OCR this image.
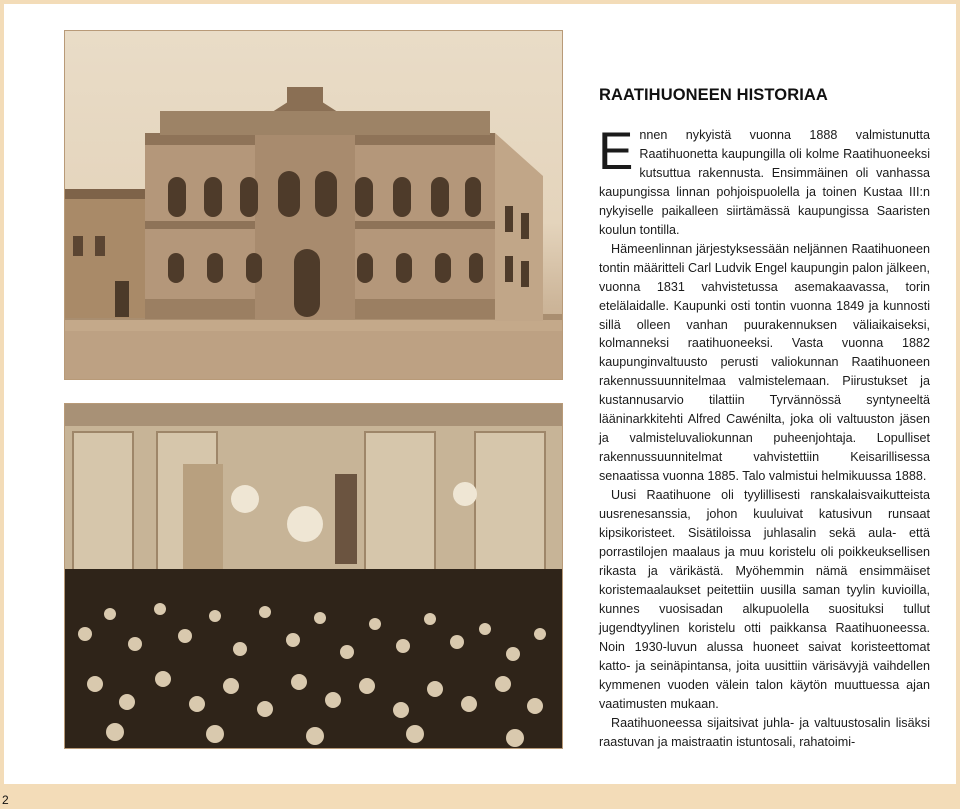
RAATIHUONEEN HISTORIAA

Ennen nykyistä vuonna 1888 valmistunutta Raatihuonetta kaupungilla oli kolme Raatihuoneeksi kutsuttua rakennusta. Ensimmäinen oli vanhassa kaupungissa linnan pohjoispuolella ja toinen Kustaa III:n nykyiselle paikalleen siirtämässä kaupungissa Saaristen koulun tontilla.

Hämeenlinnan järjestyksessään neljännen Raatihuoneen tontin määritteli Carl Ludvik Engel kaupungin palon jälkeen, vuonna 1831 vahvistetussa asemakaavassa, torin etelälaidalle. Kaupunki osti tontin vuonna 1849 ja kunnosti sillä olleen vanhan puurakennuksen väliaikaiseksi, kolmanneksi raatihuoneeksi. Vasta vuonna 1882 kaupunginvaltuusto perusti valiokunnan Raatihuoneen rakennussuunnitelmaa valmistelemaan. Piirustukset ja kustannusarvio tilattiin Tyrvännössä syntyneeltä lääninarkkitehti Alfred Cawénilta, joka oli valtuuston jäsen ja valmisteluvaliokunnan puheenjohtaja. Lopulliset rakennussuunnitelmat vahvistettiin Keisarillisessa senaatissa vuonna 1885. Talo valmistui helmikuussa 1888.

Uusi Raatihuone oli tyylillisesti ranskalaisvaikutteista uusrenesanssia, johon kuuluivat katusivun runsaat kipsikoristeet. Sisätiloissa juhlasalin sekä aula- että porrastilojen maalaus ja muu koristelu oli poikkeuksellisen rikasta ja värikästä. Myöhemmin nämä ensimmäiset koristemaalaukset peitettiin uusilla saman tyylin kuvioilla, kunnes vuosisadan alkupuolella suosituksi tullut jugendtyylinen koristelu otti paikkansa Raatihuoneessa. Noin 1930-luvun alussa huoneet saivat koristeettomat katto- ja seinäpintansa, joita uusittiin värisävyjä vaihdellen kymmenen vuoden välein talon käytön muuttuessa ajan vaatimusten mukaan.

Raatihuoneessa sijaitsivat juhla- ja valtuustosalin lisäksi raastuvan ja maistraatin istuntosali, rahatoimi-

2
